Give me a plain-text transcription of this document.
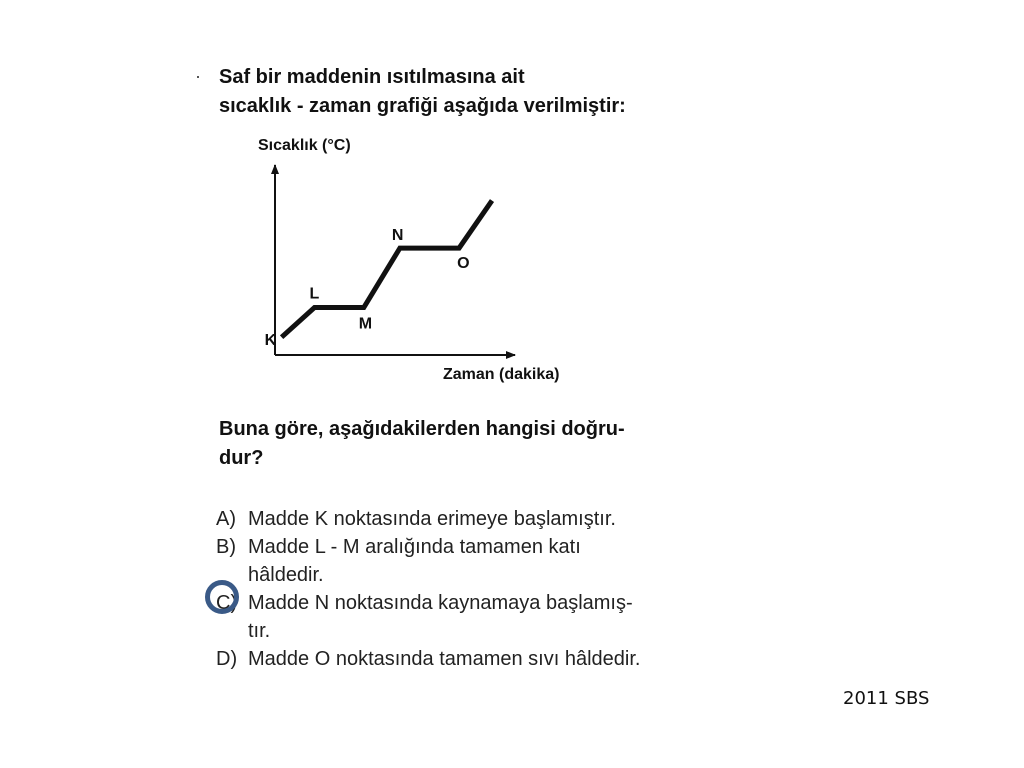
Saf bir maddenin ısıtılmasına ait
sıcaklık - zaman grafiği aşağıda verilmiştir:
Sıcaklık (°C)
Zaman (dakika)
K
L
M
N
O
Buna göre, aşağıdakilerden hangisi doğru-
dur?
A) Madde K noktasında erimeye başlamıştır.
B) Madde L - M aralığında tamamen katı
hâldedir.
C) Madde N noktasında kaynamaya başlamış-
tır.
D) Madde O noktasında tamamen sıvı hâldedir.
2011 SBS
